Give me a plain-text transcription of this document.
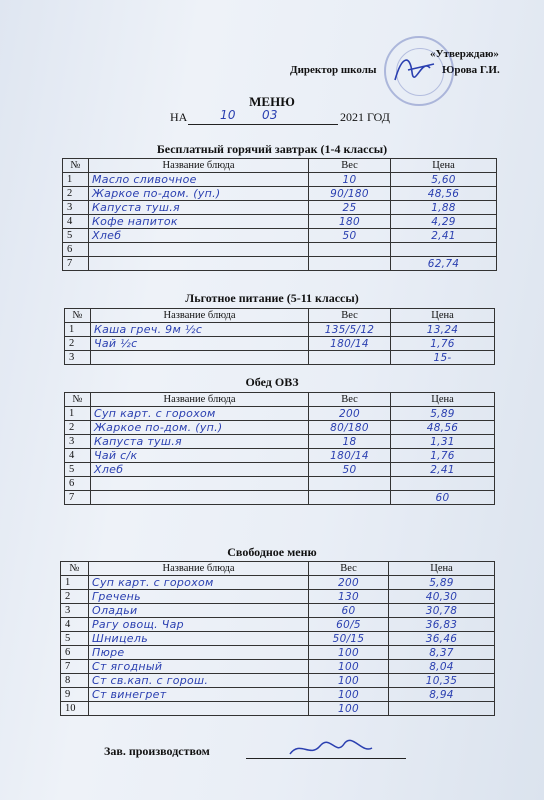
«Утверждаю»
Директор школы	Юрова Г.И.
МЕНЮ
НА	10 03	2021 ГОД
Бесплатный горячий завтрак (1-4 классы)
№	Название блюда	Вес	Цена
1	Масло сливочное	10	5,60
2	Жаркое по-дом. (уп.)	90/180	48,56
3	Капуста туш.я	25	1,88
4	Кофе напиток	180	4,29
5	Хлеб	50	2,41
6			
7			62,74
Льготное питание (5-11 классы)
№	Название блюда	Вес	Цена
1	Каша греч. 9м ½с	135/5/12	13,24
2	Чай ½с	180/14	1,76
3			15-
Обед ОВЗ
№	Название блюда	Вес	Цена
1	Суп карт. с горохом	200	5,89
2	Жаркое по-дом. (уп.)	80/180	48,56
3	Капуста туш.я	18	1,31
4	Чай с/к	180/14	1,76
5	Хлеб	50	2,41
6			
7			60
Свободное меню
№	Название блюда	Вес	Цена
1	Суп карт. с горохом	200	5,89
2	Гречень	130	40,30
3	Оладьи	60	30,78
4	Рагу овощ. Чар	60/5	36,83
5	Шницель	50/15	36,46
6	Пюре	100	8,37
7	Ст ягодный	100	8,04
8	Ст св.кап. с горош.	100	10,35
9	Ст винегрет	100	8,94
10		100	
Зав. производством
